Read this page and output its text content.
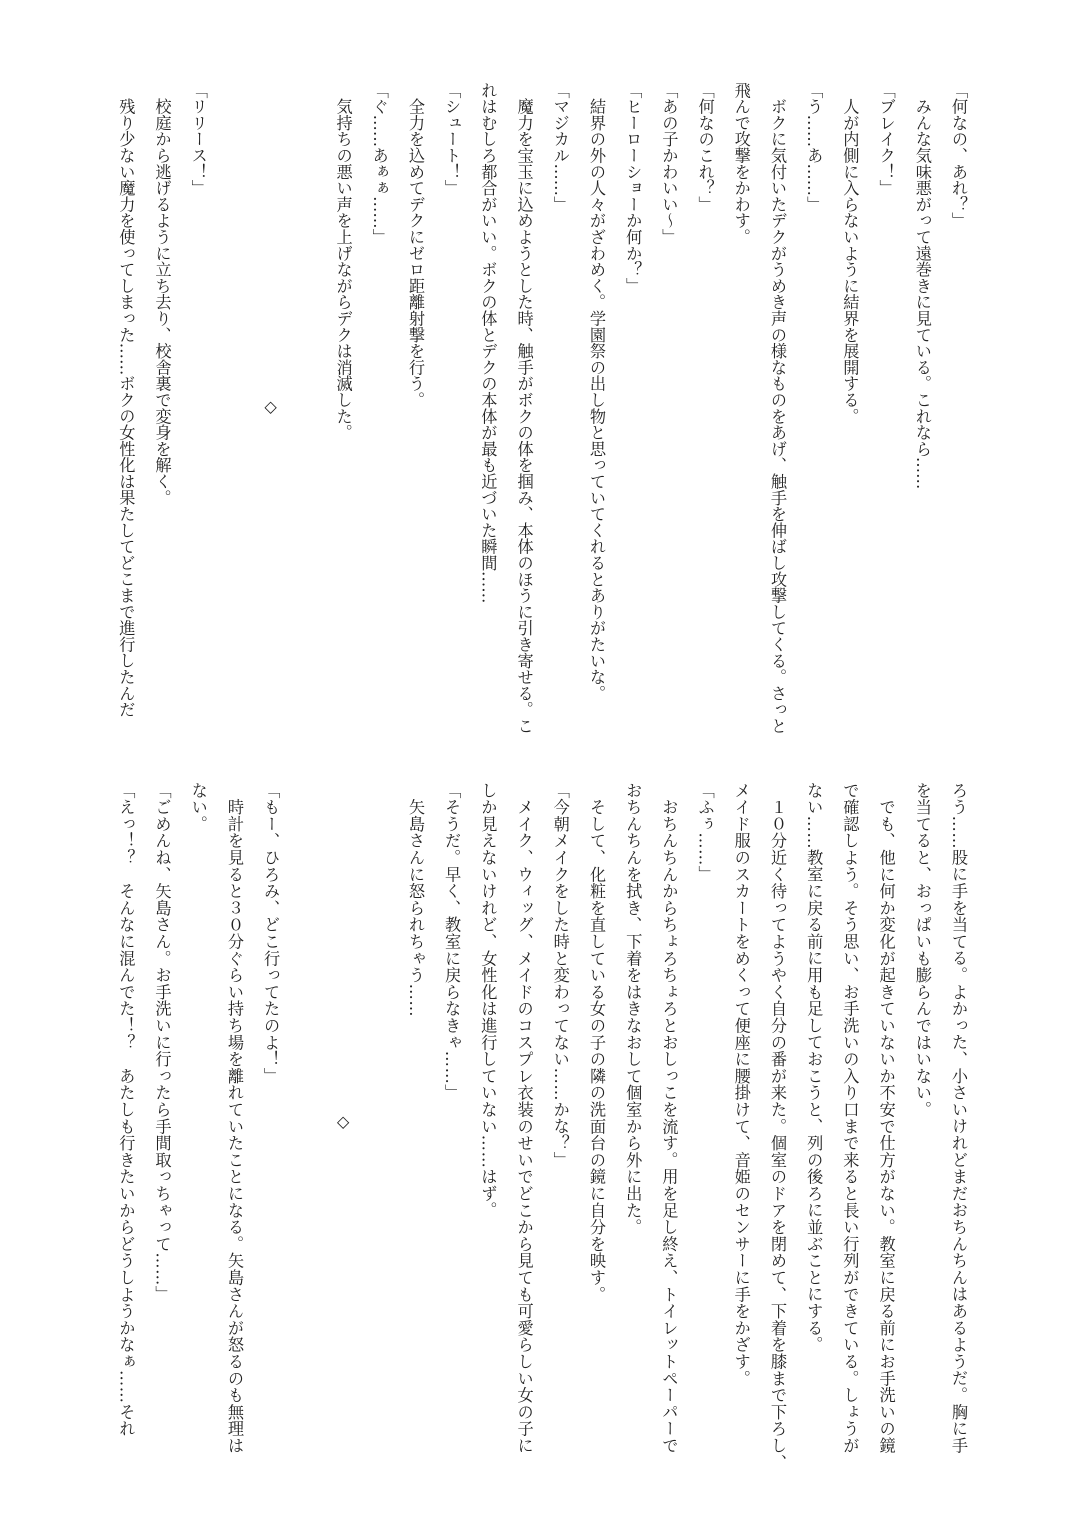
「何なの、あれ？」

　みんな気味悪がって遠巻きに見ている。これなら……

「ブレイク！」

　人が内側に入らないように結界を展開する。

「う……あ……」

　ボクに気付いたデクがうめき声の様なものをあげ、触手を伸ばし攻撃してくる。さっと

飛んで攻撃をかわす。

「何なのこれ？」

「あの子かわいい～」

「ヒーローショーか何か？」

　結界の外の人々がざわめく。学園祭の出し物と思っていてくれるとありがたいな。

「マジカル……」

　魔力を宝玉に込めようとした時、触手がボクの体を掴み、本体のほうに引き寄せる。こ

れはむしろ都合がいい。ボクの体とデクの本体が最も近づいた瞬間……

「シュート！」

　全力を込めてデクにゼロ距離射撃を行う。

「ぐ……あぁぁ……」

　気持ちの悪い声を上げながらデクは消滅した。

◇

「リリース！」

　校庭から逃げるように立ち去り、校舎裏で変身を解く。

　残り少ない魔力を使ってしまった……ボクの女性化は果たしてどこまで進行したんだ

ろう……股に手を当てる。よかった、小さいけれどまだおちんちんはあるようだ。胸に手

を当てると、おっぱいも膨らんではいない。

　でも、他に何か変化が起きていないか不安で仕方がない。教室に戻る前にお手洗いの鏡

で確認しよう。そう思い、お手洗いの入り口まで来ると長い行列ができている。しょうが

ない……教室に戻る前に用も足しておこうと、列の後ろに並ぶことにする。

　１０分近く待ってようやく自分の番が来た。個室のドアを閉めて、下着を膝まで下ろし、

メイド服のスカートをめくって便座に腰掛けて、音姫のセンサーに手をかざす。

「ふぅ……」

　おちんちんからちょろちょろとおしっこを流す。用を足し終え、トイレットペーパーで

おちんちんを拭き、下着をはきなおして個室から外に出た。

　そして、化粧を直している女の子の隣の洗面台の鏡に自分を映す。

「今朝メイクをした時と変わってない……かな？」

　メイク、ウィッグ、メイドのコスプレ衣装のせいでどこから見ても可愛らしい女の子に

しか見えないけれど、女性化は進行していない……はず。

「そうだ。早く、教室に戻らなきゃ……」

　矢島さんに怒られちゃう……

◇

「もー、ひろみ、どこ行ってたのよ！」

　時計を見ると３０分ぐらい持ち場を離れていたことになる。矢島さんが怒るのも無理は

ない。

「ごめんね、矢島さん。お手洗いに行ったら手間取っちゃって……」

「えっ！？　そんなに混んでた！？　あたしも行きたいからどうしようかなぁ……それ
